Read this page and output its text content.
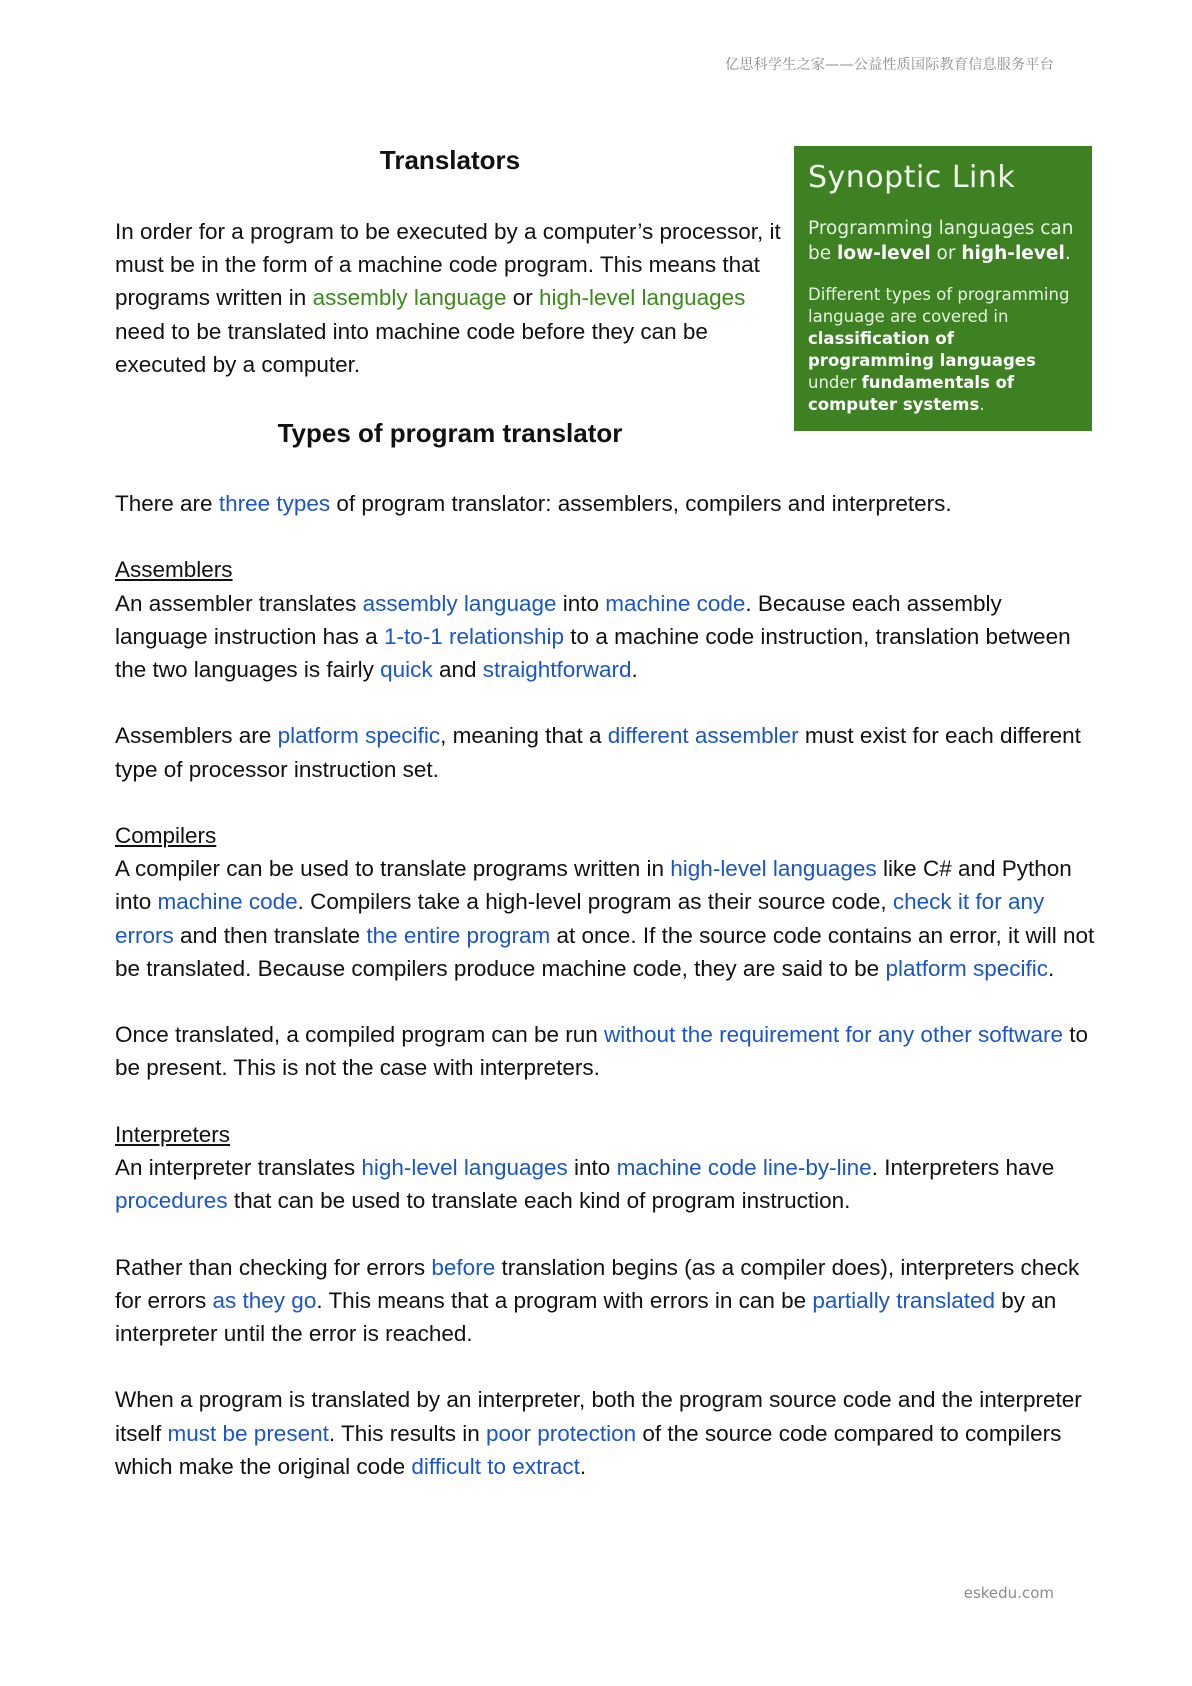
亿思科学生之家——公益性质国际教育信息服务平台
Translators
In order for a program to be executed by a computer’s processor, it must be in the form of a machine code program. This means that programs written in assembly language or high-level languages need to be translated into machine code before they can be executed by a computer.
Synoptic Link
Programming languages can be low-level or high-level.
Different types of programming language are covered in classification of programming languages under fundamentals of computer systems.
Types of program translator

There are three types of program translator: assemblers, compilers and interpreters.

Assemblers

An assembler translates assembly language into machine code. Because each assembly language instruction has a 1-to-1 relationship to a machine code instruction, translation between the two languages is fairly quick and straightforward.

Assemblers are platform specific, meaning that a different assembler must exist for each different type of processor instruction set.

Compilers

A compiler can be used to translate programs written in high-level languages like C# and Python into machine code. Compilers take a high-level program as their source code, check it for any errors and then translate the entire program at once. If the source code contains an error, it will not be translated. Because compilers produce machine code, they are said to be platform specific.

Once translated, a compiled program can be run without the requirement for any other software to be present. This is not the case with interpreters.

Interpreters

An interpreter translates high-level languages into machine code line-by-line. Interpreters have procedures that can be used to translate each kind of program instruction.

Rather than checking for errors before translation begins (as a compiler does), interpreters check for errors as they go. This means that a program with errors in can be partially translated by an interpreter until the error is reached.

When a program is translated by an interpreter, both the program source code and the interpreter itself must be present. This results in poor protection of the source code compared to compilers which make the original code difficult to extract.

eskedu.com
